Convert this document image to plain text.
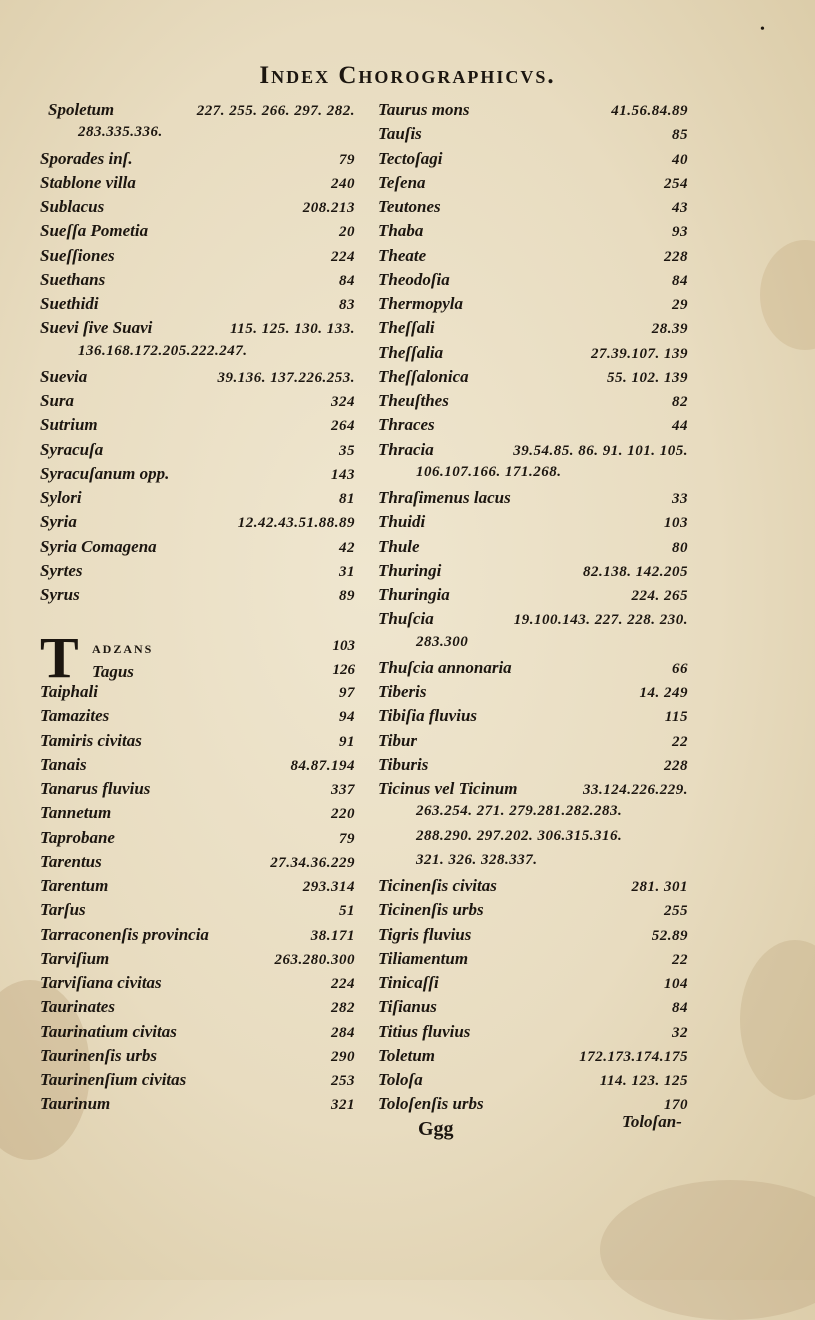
•
Index Chorographicvs.
Spoletum	227. 255. 266. 297. 282.
283.335.336.
Sporades inſ.	79
Stablone villa	240
Sublacus	208.213
Sueſſa Pometia	20
Sueſſiones	224
Suethans	84
Suethidi	83
Suevi ſive Suavi	115. 125. 130. 133.
136.168.172.205.222.247.
Suevia	39.136. 137.226.253.
Sura	324
Sutrium	264
Syracuſa	35
Syracuſanum opp.	143
Sylori	81
Syria	12.42.43.51.88.89
Syria Comagena	42
Syrtes	31
Syrus	89
T adzans	103
Tagus	126
Taiphali	97
Tamazites	94
Tamiris civitas	91
Tanais	84.87.194
Tanarus fluvius	337
Tannetum	220
Taprobane	79
Tarentus	27.34.36.229
Tarentum	293.314
Tarſus	51
Tarraconenſis provincia	38.171
Tarviſium	263.280.300
Tarviſiana civitas	224
Taurinates	282
Taurinatium civitas	284
Taurinenſis urbs	290
Taurinenſium civitas	253
Taurinum	321
Taurus mons	41.56.84.89
Tauſis	85
Tectoſagi	40
Teſena	254
Teutones	43
Thaba	93
Theate	228
Theodoſia	84
Thermopyla	29
Theſſali	28.39
Theſſalia	27.39.107. 139
Theſſalonica	55. 102. 139
Theuſthes	82
Thraces	44
Thracia	39.54.85. 86. 91. 101. 105.
106.107.166. 171.268.
Thraſimenus lacus	33
Thuidi	103
Thule	80
Thuringi	82.138. 142.205
Thuringia	224. 265
Thuſcia	19.100.143. 227. 228. 230.
283.300
Thuſcia annonaria	66
Tiberis	14. 249
Tibiſia fluvius	115
Tibur	22
Tiburis	228
Ticinus vel Ticinum	33.124.226.229.
263.254. 271. 279.281.282.283.
288.290. 297.202. 306.315.316.
321. 326. 328.337.
Ticinenſis civitas	281. 301
Ticinenſis urbs	255
Tigris fluvius	52.89
Tiliamentum	22
Tinicaſſi	104
Tiſianus	84
Titius fluvius	32
Toletum	172.173.174.175
Toloſa	114. 123. 125
Toloſenſis urbs	170
Ggg	Toloſan-
